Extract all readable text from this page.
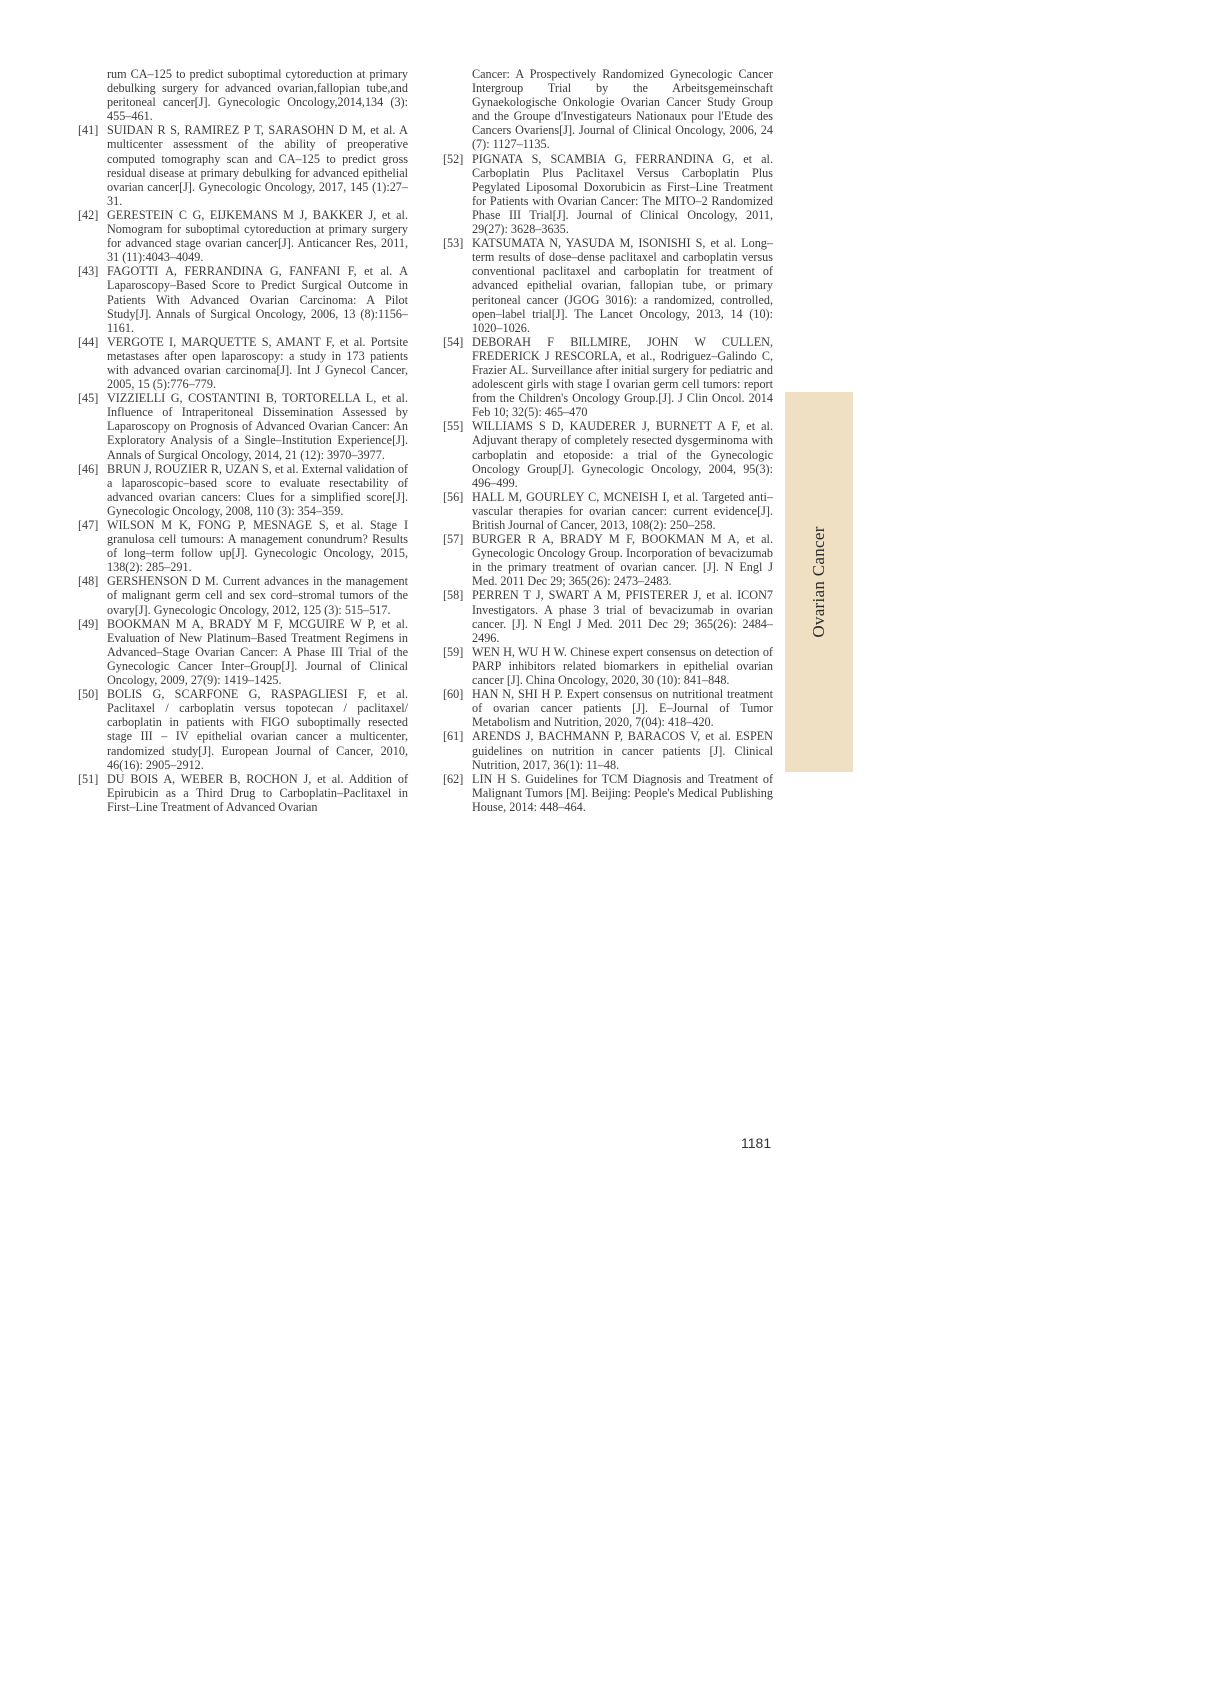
rum CA–125 to predict suboptimal cytoreduction at primary debulking surgery for advanced ovarian,fallopian tube,and peritoneal cancer[J]. Gynecologic Oncology,2014,134 (3): 455–461.
[41] SUIDAN R S, RAMIREZ P T, SARASOHN D M, et al. A multicenter assessment of the ability of preoperative computed tomography scan and CA–125 to predict gross residual disease at primary debulking for advanced epithelial ovarian cancer[J]. Gynecologic Oncology, 2017, 145 (1):27–31.
[42] GERESTEIN C G, EIJKEMANS M J, BAKKER J, et al. Nomogram for suboptimal cytoreduction at primary surgery for advanced stage ovarian cancer[J]. Anticancer Res, 2011, 31 (11):4043–4049.
[43] FAGOTTI A, FERRANDINA G, FANFANI F, et al. A Laparoscopy–Based Score to Predict Surgical Outcome in Patients With Advanced Ovarian Carcinoma: A Pilot Study[J]. Annals of Surgical Oncology, 2006, 13 (8):1156–1161.
[44] VERGOTE I, MARQUETTE S, AMANT F, et al. Portsite metastases after open laparoscopy: a study in 173 patients with advanced ovarian carcinoma[J]. Int J Gynecol Cancer, 2005, 15 (5):776–779.
[45] VIZZIELLI G, COSTANTINI B, TORTORELLA L, et al. Influence of Intraperitoneal Dissemination Assessed by Laparoscopy on Prognosis of Advanced Ovarian Cancer: An Exploratory Analysis of a Single–Institution Experience[J]. Annals of Surgical Oncology, 2014, 21 (12): 3970–3977.
[46] BRUN J, ROUZIER R, UZAN S, et al. External validation of a laparoscopic–based score to evaluate resectability of advanced ovarian cancers: Clues for a simplified score[J]. Gynecologic Oncology, 2008, 110 (3): 354–359.
[47] WILSON M K, FONG P, MESNAGE S, et al. Stage I granulosa cell tumours: A management conundrum? Results of long–term follow up[J]. Gynecologic Oncology, 2015, 138(2): 285–291.
[48] GERSHENSON D M. Current advances in the management of malignant germ cell and sex cord–stromal tumors of the ovary[J]. Gynecologic Oncology, 2012, 125 (3): 515–517.
[49] BOOKMAN M A, BRADY M F, MCGUIRE W P, et al. Evaluation of New Platinum–Based Treatment Regimens in Advanced–Stage Ovarian Cancer: A Phase III Trial of the Gynecologic Cancer Inter–Group[J]. Journal of Clinical Oncology, 2009, 27(9): 1419–1425.
[50] BOLIS G, SCARFONE G, RASPAGLIESI F, et al. Paclitaxel / carboplatin versus topotecan / paclitaxel/ carboplatin in patients with FIGO suboptimally resected stage III – IV epithelial ovarian cancer a multicenter, randomized study[J]. European Journal of Cancer, 2010, 46(16): 2905–2912.
[51] DU BOIS A, WEBER B, ROCHON J, et al. Addition of Epirubicin as a Third Drug to Carboplatin–Paclitaxel in First–Line Treatment of Advanced Ovarian
Cancer: A Prospectively Randomized Gynecologic Cancer Intergroup Trial by the Arbeitsgemeinschaft Gynaekologische Onkologie Ovarian Cancer Study Group and the Groupe d'Investigateurs Nationaux pour l'Etude des Cancers Ovariens[J]. Journal of Clinical Oncology, 2006, 24 (7): 1127–1135.
[52] PIGNATA S, SCAMBIA G, FERRANDINA G, et al. Carboplatin Plus Paclitaxel Versus Carboplatin Plus Pegylated Liposomal Doxorubicin as First–Line Treatment for Patients with Ovarian Cancer: The MITO–2 Randomized Phase III Trial[J]. Journal of Clinical Oncology, 2011, 29(27): 3628–3635.
[53] KATSUMATA N, YASUDA M, ISONISHI S, et al. Long–term results of dose–dense paclitaxel and carboplatin versus conventional paclitaxel and carboplatin for treatment of advanced epithelial ovarian, fallopian tube, or primary peritoneal cancer (JGOG 3016): a randomized, controlled, open–label trial[J]. The Lancet Oncology, 2013, 14 (10): 1020–1026.
[54] DEBORAH F BILLMIRE, JOHN W CULLEN, FREDERICK J RESCORLA, et al., Rodriguez–Galindo C, Frazier AL. Surveillance after initial surgery for pediatric and adolescent girls with stage I ovarian germ cell tumors: report from the Children's Oncology Group.[J]. J Clin Oncol. 2014 Feb 10; 32(5): 465–470
[55] WILLIAMS S D, KAUDERER J, BURNETT A F, et al. Adjuvant therapy of completely resected dysgerminoma with carboplatin and etoposide: a trial of the Gynecologic Oncology Group[J]. Gynecologic Oncology, 2004, 95(3): 496–499.
[56] HALL M, GOURLEY C, MCNEISH I, et al. Targeted anti–vascular therapies for ovarian cancer: current evidence[J]. British Journal of Cancer, 2013, 108(2): 250–258.
[57] BURGER R A, BRADY M F, BOOKMAN M A, et al. Gynecologic Oncology Group. Incorporation of bevacizumab in the primary treatment of ovarian cancer. [J]. N Engl J Med. 2011 Dec 29; 365(26): 2473–2483.
[58] PERREN T J, SWART A M, PFISTERER J, et al. ICON7 Investigators. A phase 3 trial of bevacizumab in ovarian cancer. [J]. N Engl J Med. 2011 Dec 29; 365(26): 2484–2496.
[59] WEN H, WU H W. Chinese expert consensus on detection of PARP inhibitors related biomarkers in epithelial ovarian cancer [J]. China Oncology, 2020, 30 (10): 841–848.
[60] HAN N, SHI H P. Expert consensus on nutritional treatment of ovarian cancer patients [J]. E–Journal of Tumor Metabolism and Nutrition, 2020, 7(04): 418–420.
[61] ARENDS J, BACHMANN P, BARACOS V, et al. ESPEN guidelines on nutrition in cancer patients [J]. Clinical Nutrition, 2017, 36(1): 11–48.
[62] LIN H S. Guidelines for TCM Diagnosis and Treatment of Malignant Tumors [M]. Beijing: People's Medical Publishing House, 2014: 448–464.
Ovarian Cancer
1181
